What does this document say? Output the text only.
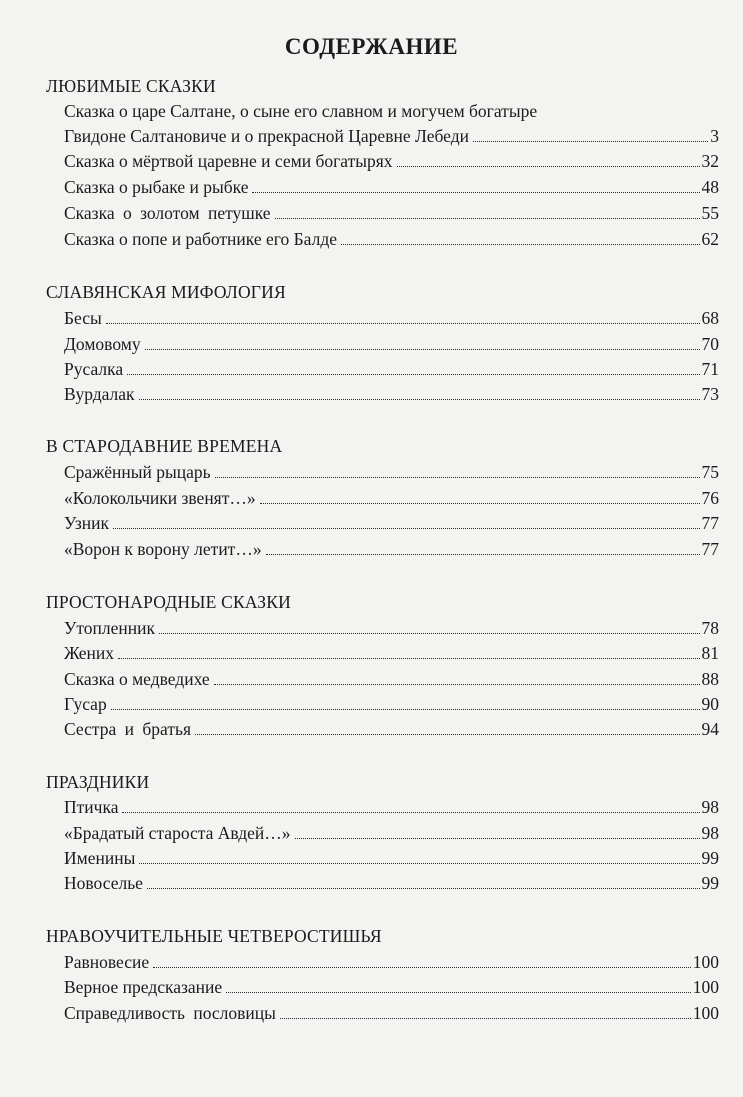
СОДЕРЖАНИЕ
ЛЮБИМЫЕ СКАЗКИ
Сказка о царе Салтане, о сыне его славном и могучем богатыре
Гвидоне Салтановиче и о прекрасной Царевне Лебеди	3
Сказка о мёртвой царевне и семи богатырях	32
Сказка о рыбаке и рыбке	48
Сказка о золотом петушке	55
Сказка о попе и работнике его Балде	62
СЛАВЯНСКАЯ МИФОЛОГИЯ
Бесы	68
Домовому	70
Русалка	71
Вурдалак	73
В СТАРОДАВНИЕ ВРЕМЕНА
Сражённый рыцарь	75
«Колокольчики звенят…»	76
Узник	77
«Ворон к ворону летит…»	77
ПРОСТОНАРОДНЫЕ СКАЗКИ
Утопленник	78
Жених	81
Сказка о медведихе	88
Гусар	90
Сестра и братья	94
ПРАЗДНИКИ
Птичка	98
«Брадатый староста Авдей…»	98
Именины	99
Новоселье	99
НРАВОУЧИТЕЛЬНЫЕ ЧЕТВЕРОСТИШЬЯ
Равновесие	100
Верное предсказание	100
Справедливость пословицы	100
